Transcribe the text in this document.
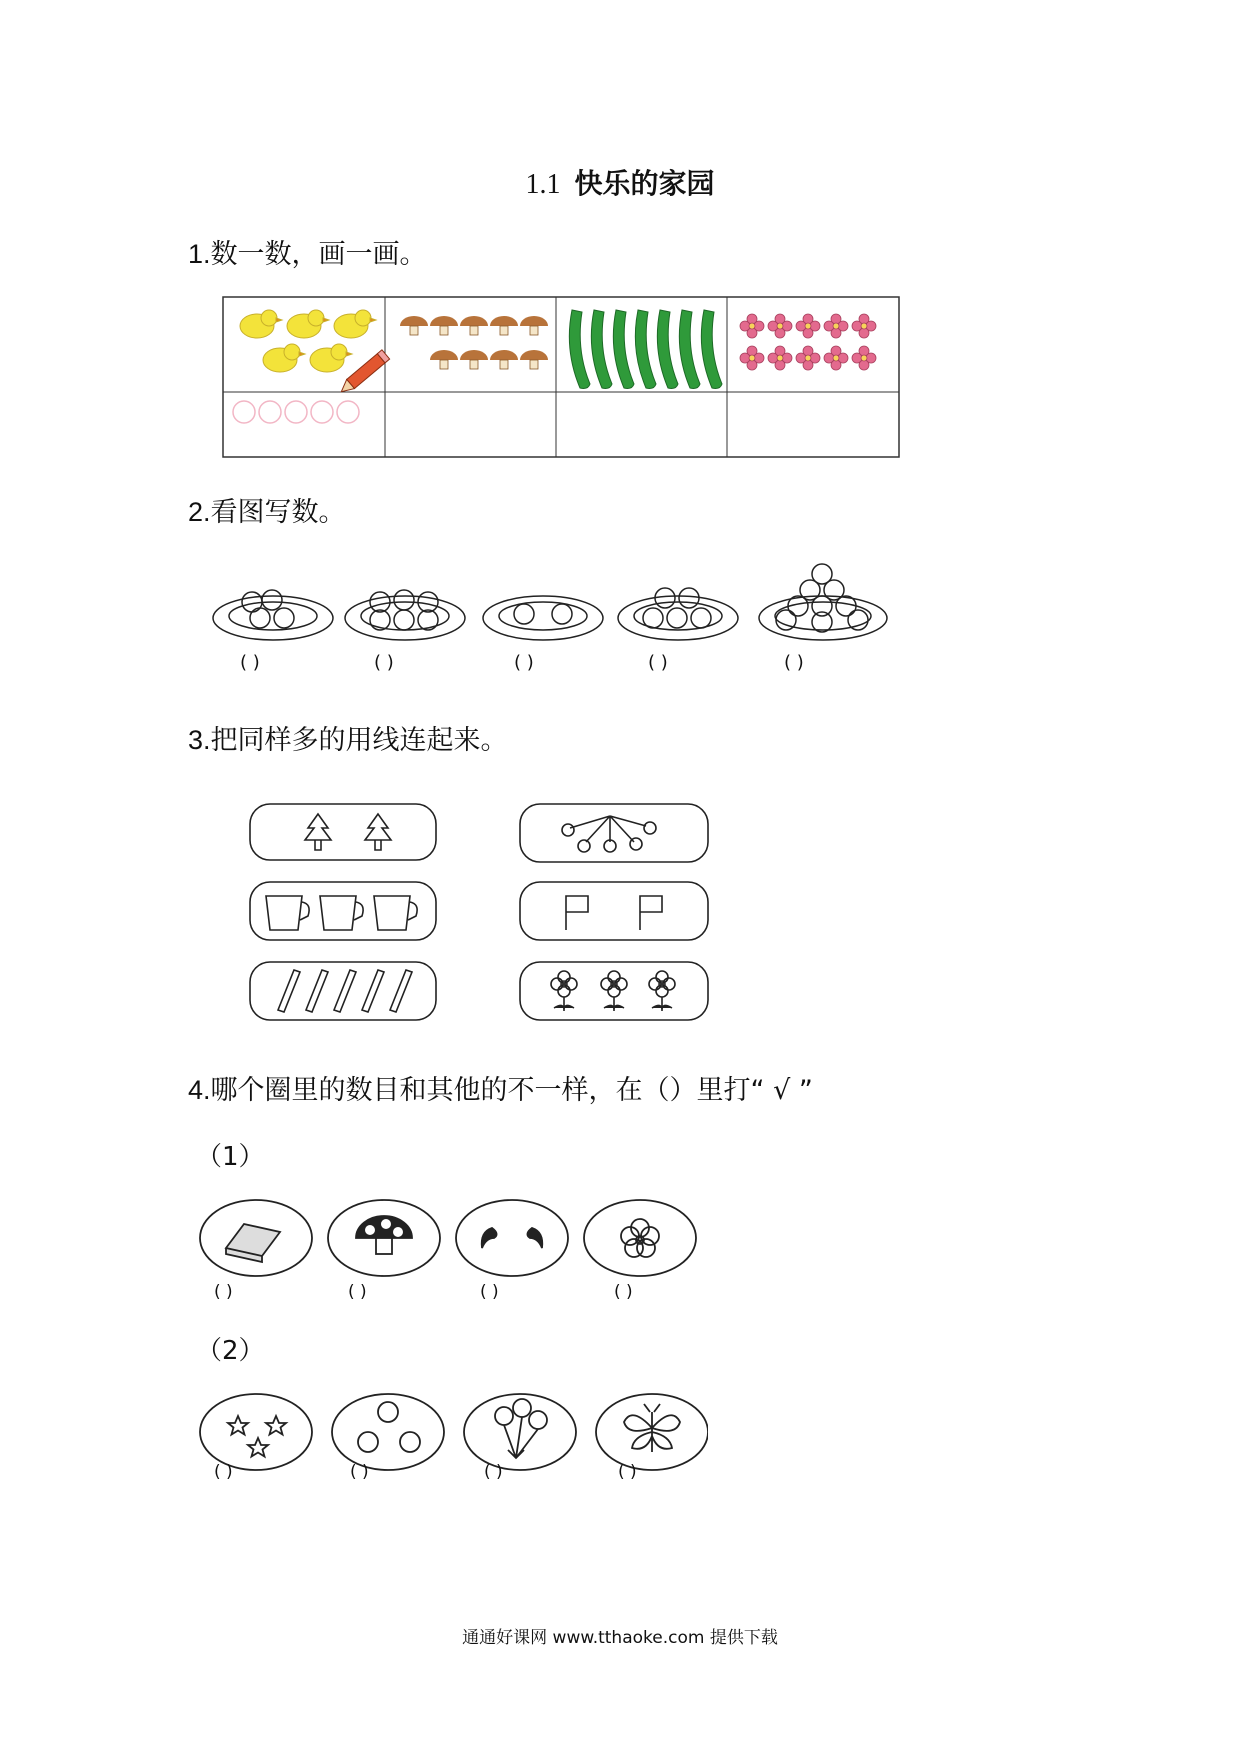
1.1 快乐的家园
1.数一数，画一画。
2.看图写数。
( )	( )	( )	( )	( )
3.把同样多的用线连起来。
4.哪个圈里的数目和其他的不一样，在（）里打“ √ ”
（1）
( )	( )	( )	( )
（2）
( )	( )	( )	( )
通通好课网 www.tthaoke.com 提供下载
